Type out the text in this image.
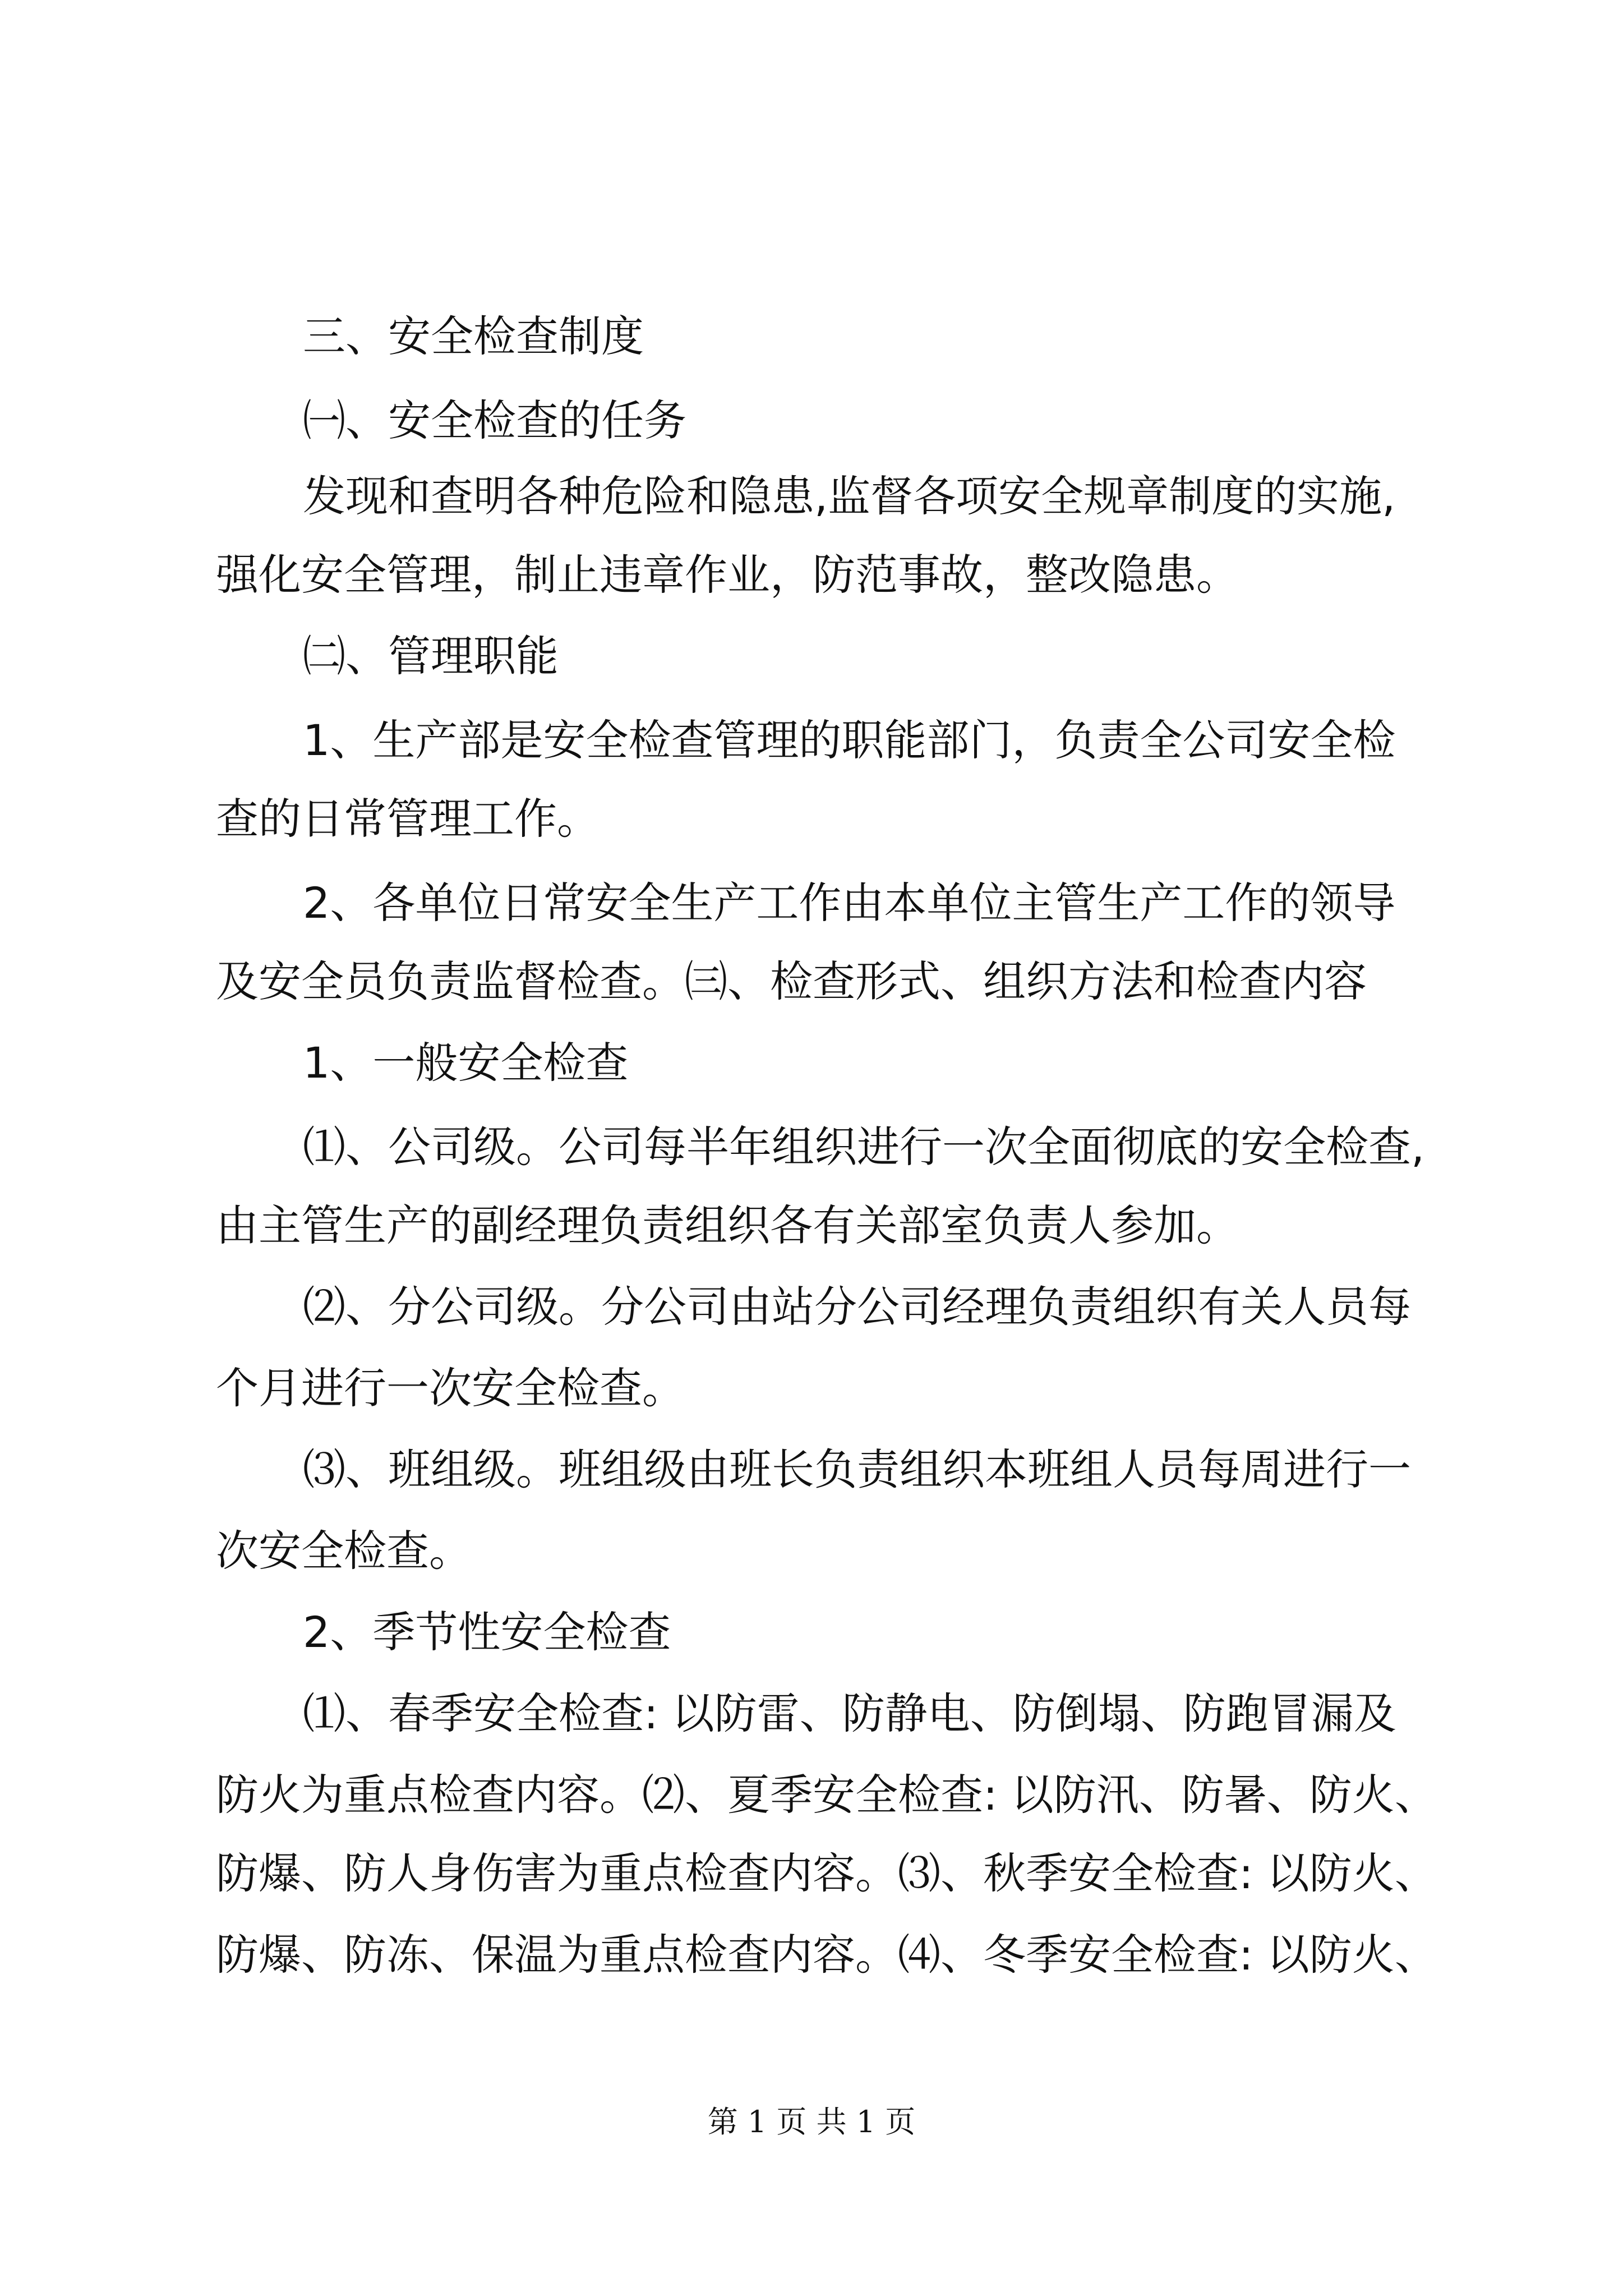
三、安全检查制度
㈠、安全检查的任务
发现和查明各种危险和隐患,监督各项安全规章制度的实施,
强化安全管理，制止违章作业，防范事故，整改隐患。
㈡、管理职能
1、生产部是安全检查管理的职能部门，负责全公司安全检
查的日常管理工作。
2、各单位日常安全生产工作由本单位主管生产工作的领导
及安全员负责监督检查。㈢、检查形式、组织方法和检查内容
1、一般安全检查
⑴、公司级。公司每半年组织进行一次全面彻底的安全检查,
由主管生产的副经理负责组织各有关部室负责人参加。
⑵、分公司级。分公司由站分公司经理负责组织有关人员每
个月进行一次安全检查。
⑶、班组级。班组级由班长负责组织本班组人员每周进行一
次安全检查。
2、季节性安全检查
⑴、春季安全检查: 以防雷、防静电、防倒塌、防跑冒漏及
防火为重点检查内容。⑵、夏季安全检查: 以防汛、防暑、防火、
防爆、防人身伤害为重点检查内容。⑶、秋季安全检查: 以防火、
防爆、防冻、保温为重点检查内容。⑷、冬季安全检查: 以防火、
第 1 页 共 1 页
